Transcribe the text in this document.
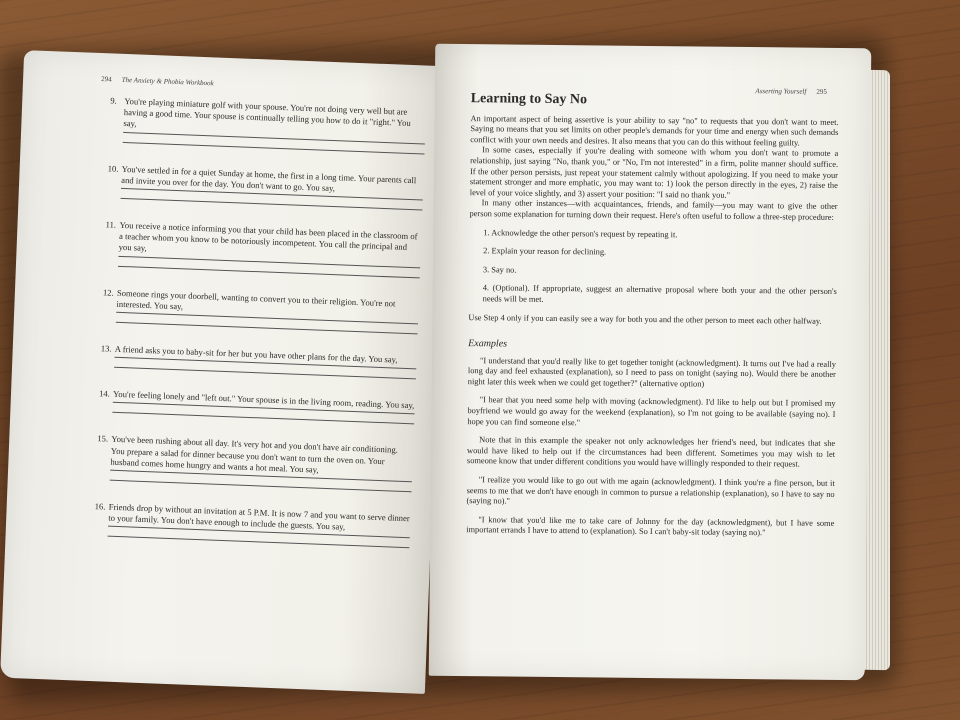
294 The Anxiety & Phobia Workbook
9. You're playing miniature golf with your spouse. You're not doing very well but are having a good time. Your spouse is continually telling you how to do it "right." You say,
10. You've settled in for a quiet Sunday at home, the first in a long time. Your parents call and invite you over for the day. You don't want to go. You say,
11. You receive a notice informing you that your child has been placed in the classroom of a teacher whom you know to be notoriously incompetent. You call the principal and you say,
12. Someone rings your doorbell, wanting to convert you to their religion. You're not interested. You say,
13. A friend asks you to baby-sit for her but you have other plans for the day. You say,
14. You're feeling lonely and "left out." Your spouse is in the living room, reading. You say,
15. You've been rushing about all day. It's very hot and you don't have air conditioning. You prepare a salad for dinner because you don't want to turn the oven on. Your husband comes home hungry and wants a hot meal. You say,
16. Friends drop by without an invitation at 5 P.M. It is now 7 and you want to serve dinner to your family. You don't have enough to include the guests. You say,
Asserting Yourself 295
Learning to Say No

An important aspect of being assertive is your ability to say "no" to requests that you don't want to meet. Saying no means that you set limits on other people's demands for your time and energy when such demands conflict with your own needs and desires. It also means that you can do this without feeling guilty.

In some cases, especially if you're dealing with someone with whom you don't want to promote a relationship, just saying "No, thank you," or "No, I'm not interested" in a firm, polite manner should suffice. If the other person persists, just repeat your statement calmly without apologizing. If you need to make your statement stronger and more emphatic, you may want to: 1) look the person directly in the eyes, 2) raise the level of your voice slightly, and 3) assert your position: "I said no thank you."

In many other instances—with acquaintances, friends, and family—you may want to give the other person some explanation for turning down their request. Here's often useful to follow a three-step procedure:

1. Acknowledge the other person's request by repeating it.
2. Explain your reason for declining.
3. Say no.
4. (Optional). If appropriate, suggest an alternative proposal where both your and the other person's needs will be met.

Use Step 4 only if you can easily see a way for both you and the other person to meet each other halfway.

Examples

"I understand that you'd really like to get together tonight (acknowledgment). It turns out I've had a really long day and feel exhausted (explanation), so I need to pass on tonight (saying no). Would there be another night later this week when we could get together?" (alternative option)

"I hear that you need some help with moving (acknowledgment). I'd like to help out but I promised my boyfriend we would go away for the weekend (explanation), so I'm not going to be available (saying no). I hope you can find someone else."

Note that in this example the speaker not only acknowledges her friend's need, but indicates that she would have liked to help out if the circumstances had been different. Sometimes you may wish to let someone know that under different conditions you would have willingly responded to their request.

"I realize you would like to go out with me again (acknowledgment). I think you're a fine person, but it seems to me that we don't have enough in common to pursue a relationship (explanation), so I have to say no (saying no)."

"I know that you'd like me to take care of Johnny for the day (acknowledgment), but I have some important errands I have to attend to (explanation). So I can't baby-sit today (saying no)."
